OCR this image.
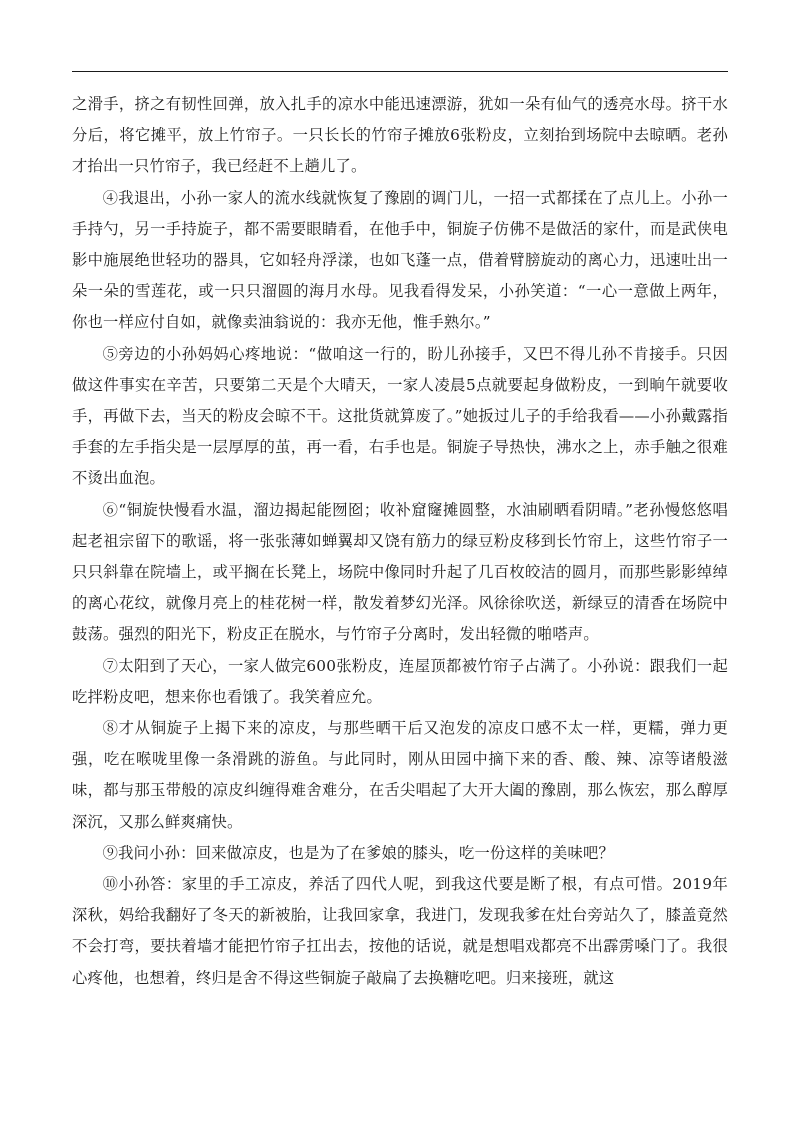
之滑手，挤之有韧性回弹，放入扎手的凉水中能迅速漂游，犹如一朵有仙气的透亮水母。挤干水分后，将它摊平，放上竹帘子。一只长长的竹帘子摊放6张粉皮，立刻抬到场院中去晾晒。老孙才抬出一只竹帘子，我已经赶不上趟儿了。

④我退出，小孙一家人的流水线就恢复了豫剧的调门儿，一招一式都揉在了点儿上。小孙一手持勺，另一手持旋子，都不需要眼睛看，在他手中，铜旋子仿佛不是做活的家什，而是武侠电影中施展绝世轻功的器具，它如轻舟浮漾，也如飞蓬一点，借着臂膀旋动的离心力，迅速吐出一朵一朵的雪莲花，或一只只溜圆的海月水母。见我看得发呆，小孙笑道：“一心一意做上两年，你也一样应付自如，就像卖油翁说的：我亦无他，惟手熟尔。”

⑤旁边的小孙妈妈心疼地说：“做咱这一行的，盼儿孙接手，又巴不得儿孙不肯接手。只因做这件事实在辛苦，只要第二天是个大晴天，一家人凌晨5点就要起身做粉皮，一到晌午就要收手，再做下去，当天的粉皮会晾不干。这批货就算废了。”她扳过儿子的手给我看——小孙戴露指手套的左手指尖是一层厚厚的茧，再一看，右手也是。铜旋子导热快，沸水之上，赤手触之很难不烫出血泡。

⑥“铜旋快慢看水温，溜边揭起能囫囵；收补窟窿摊圆整，水油刷晒看阴晴。”老孙慢悠悠唱起老祖宗留下的歌谣，将一张张薄如蝉翼却又饶有筋力的绿豆粉皮移到长竹帘上，这些竹帘子一只只斜靠在院墙上，或平搁在长凳上，场院中像同时升起了几百枚皎洁的圆月，而那些影影绰绰的离心花纹，就像月亮上的桂花树一样，散发着梦幻光泽。风徐徐吹送，新绿豆的清香在场院中鼓荡。强烈的阳光下，粉皮正在脱水，与竹帘子分离时，发出轻微的啪嗒声。

⑦太阳到了天心，一家人做完600张粉皮，连屋顶都被竹帘子占满了。小孙说：跟我们一起吃拌粉皮吧，想来你也看饿了。我笑着应允。

⑧才从铜旋子上揭下来的凉皮，与那些晒干后又泡发的凉皮口感不太一样，更糯，弹力更强，吃在喉咙里像一条滑跳的游鱼。与此同时，刚从田园中摘下来的香、酸、辣、凉等诸般滋味，都与那玉带般的凉皮纠缠得难舍难分，在舌尖唱起了大开大阖的豫剧，那么恢宏，那么醇厚深沉，又那么鲜爽痛快。

⑨我问小孙：回来做凉皮，也是为了在爹娘的膝头，吃一份这样的美味吧？

⑩小孙答：家里的手工凉皮，养活了四代人呢，到我这代要是断了根，有点可惜。2019年深秋，妈给我翻好了冬天的新被胎，让我回家拿，我进门，发现我爹在灶台旁站久了，膝盖竟然不会打弯，要扶着墙才能把竹帘子扛出去，按他的话说，就是想唱戏都亮不出霹雳嗓门了。我很心疼他，也想着，终归是舍不得这些铜旋子敲扁了去换糖吃吧。归来接班，就这
